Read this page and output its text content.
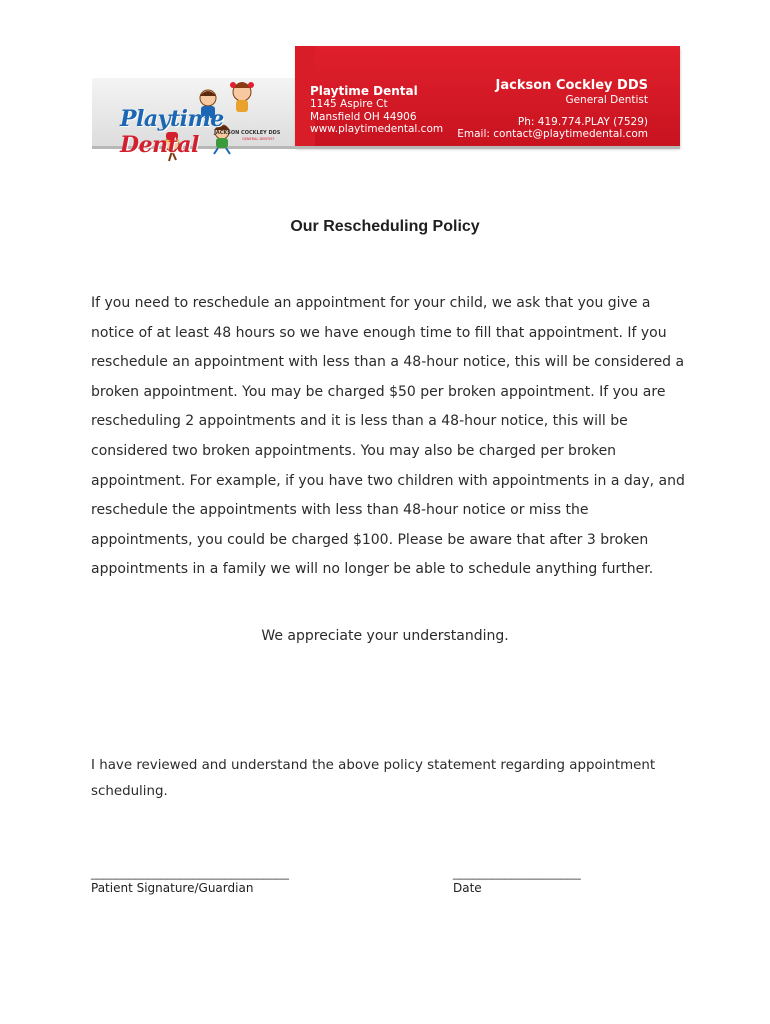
Playtime Dental	JACKSON COCKLEY DDS
GENERAL DENTIST
Playtime Dental
1145 Aspire Ct
Mansfield OH 44906
www.playtimedental.com
Jackson Cockley DDS
General Dentist
Ph: 419.774.PLAY (7529)
Email: contact@playtimedental.com
Our Rescheduling Policy
If you need to reschedule an appointment for your child, we ask that you give a notice of at least 48 hours so we have enough time to fill that appointment. If you reschedule an appointment with less than a 48-hour notice, this will be considered a broken appointment. You may be charged $50 per broken appointment. If you are rescheduling 2 appointments and it is less than a 48-hour notice, this will be considered two broken appointments. You may also be charged per broken appointment. For example, if you have two children with appointments in a day, and reschedule the appointments with less than 48-hour notice or miss the appointments, you could be charged $100. Please be aware that after 3 broken appointments in a family we will no longer be able to schedule anything further.
We appreciate your understanding.
I have reviewed and understand the above policy statement regarding appointment scheduling.
_______________________________
Patient Signature/Guardian
____________________
Date
